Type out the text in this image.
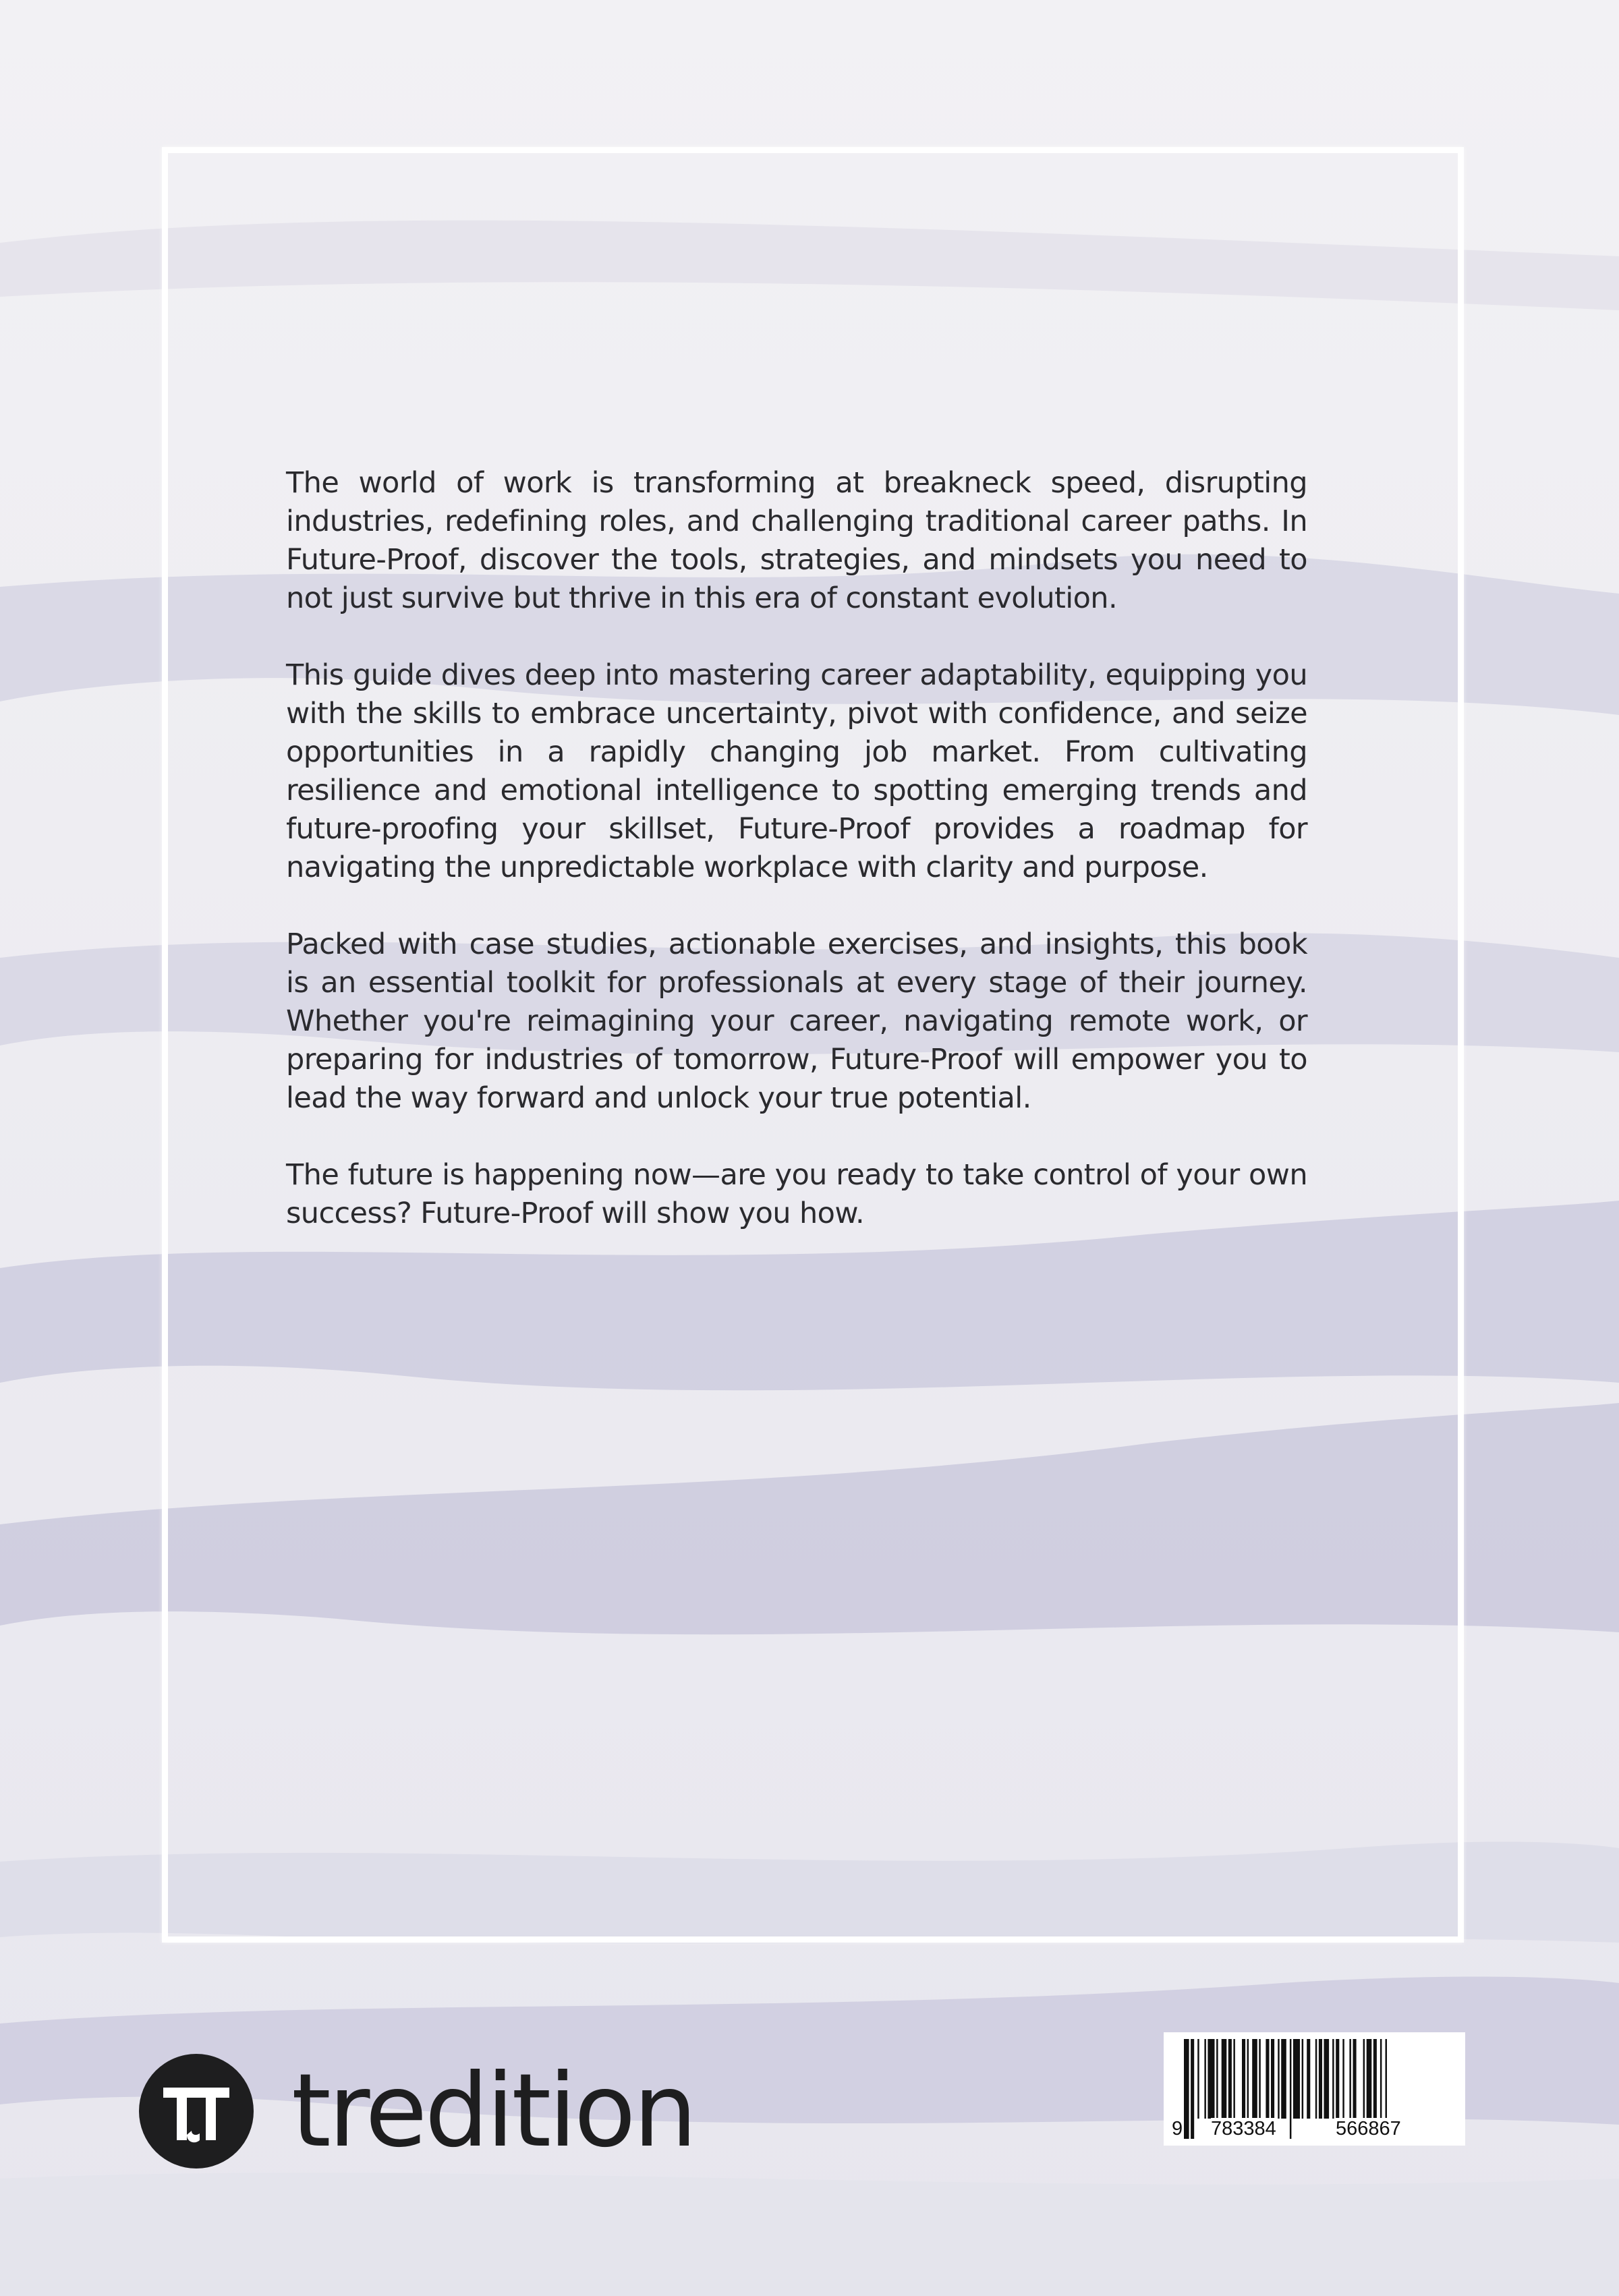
The world of work is transforming at breakneck speed, disrupting industries, redefining roles, and challenging traditional career paths. In Future-Proof, discover the tools, strategies, and mindsets you need to not just survive but thrive in this era of constant evolution.

This guide dives deep into mastering career adaptability, equipping you with the skills to embrace uncertainty, pivot with confidence, and seize opportunities in a rapidly changing job market. From cultivating resilience and emotional intelligence to spotting emerging trends and future-proofing your skillset, Future-Proof provides a roadmap for navigating the unpredictable workplace with clarity and purpose.

Packed with case studies, actionable exercises, and insights, this book is an essential toolkit for professionals at every stage of their journey. Whether you're reimagining your career, navigating remote work, or preparing for industries of tomorrow, Future-Proof will empower you to lead the way forward and unlock your true potential.

The future is happening now—are you ready to take control of your own success? Future-Proof will show you how.

tredition	9 783384	566867
